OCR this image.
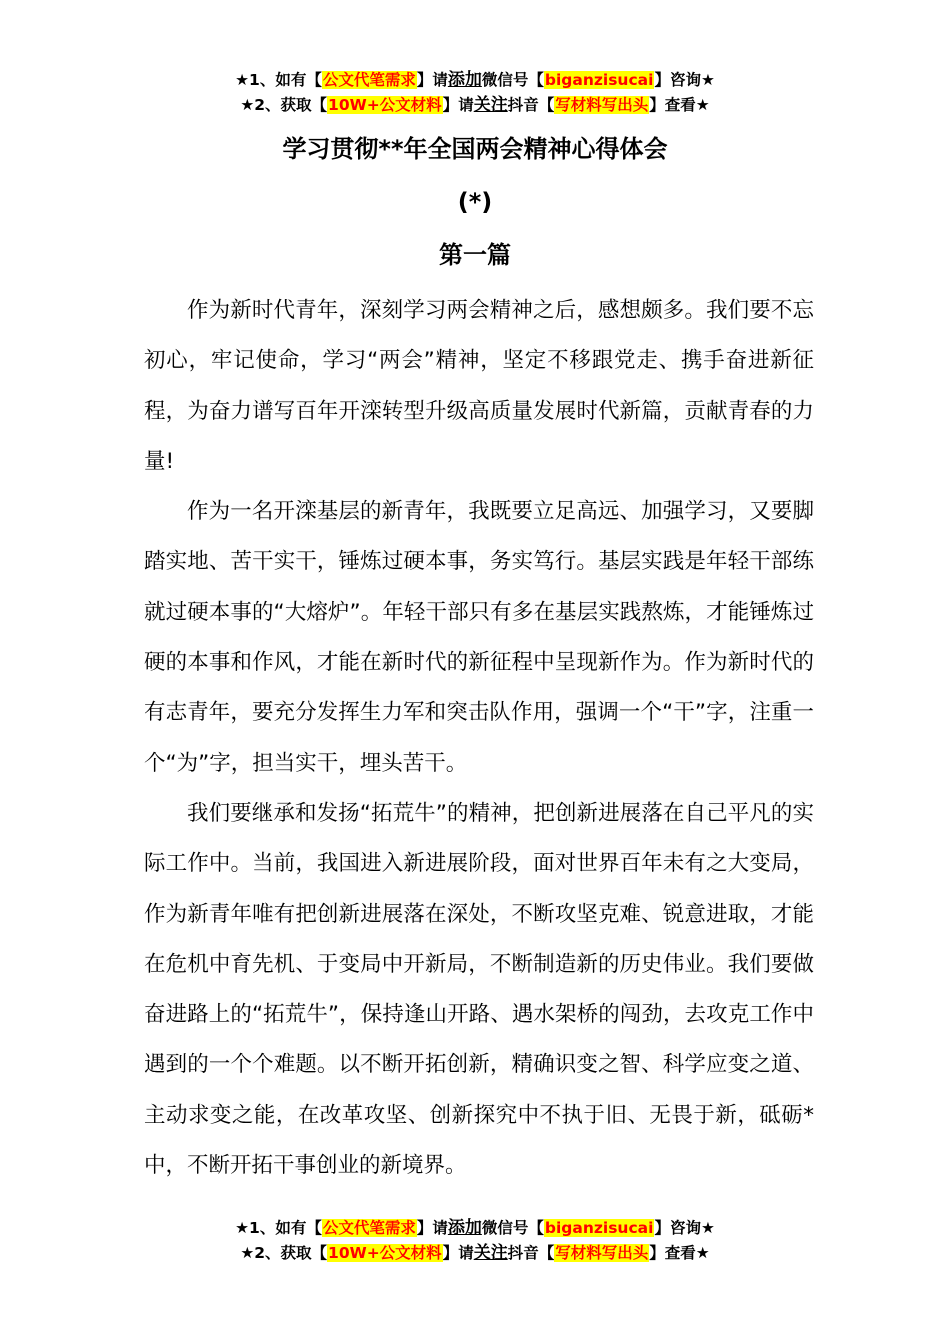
★1、如有【公文代笔需求】请添加微信号【biganzisucai】咨询★
★2、获取【10W+公文材料】请关注抖音【写材料写出头】查看★
学习贯彻**年全国两会精神心得体会
(*)
第一篇

作为新时代青年，深刻学习两会精神之后，感想颇多。我们要不忘初心，牢记使命，学习“两会”精神，坚定不移跟党走、携手奋进新征程，为奋力谱写百年开滦转型升级高质量发展时代新篇，贡献青春的力量!

作为一名开滦基层的新青年，我既要立足高远、加强学习，又要脚踏实地、苦干实干，锤炼过硬本事，务实笃行。基层实践是年轻干部练就过硬本事的“大熔炉”。年轻干部只有多在基层实践熬炼，才能锤炼过硬的本事和作风，才能在新时代的新征程中呈现新作为。作为新时代的有志青年，要充分发挥生力军和突击队作用，强调一个“干”字，注重一个“为”字，担当实干，埋头苦干。

我们要继承和发扬“拓荒牛”的精神，把创新进展落在自己平凡的实际工作中。当前，我国进入新进展阶段，面对世界百年未有之大变局，作为新青年唯有把创新进展落在深处，不断攻坚克难、锐意进取，才能在危机中育先机、于变局中开新局，不断制造新的历史伟业。我们要做奋进路上的“拓荒牛”，保持逢山开路、遇水架桥的闯劲，去攻克工作中遇到的一个个难题。以不断开拓创新，精确识变之智、科学应变之道、主动求变之能，在改革攻坚、创新探究中不执于旧、无畏于新，砥砺*中，不断开拓干事创业的新境界。

★1、如有【公文代笔需求】请添加微信号【biganzisucai】咨询★
★2、获取【10W+公文材料】请关注抖音【写材料写出头】查看★
